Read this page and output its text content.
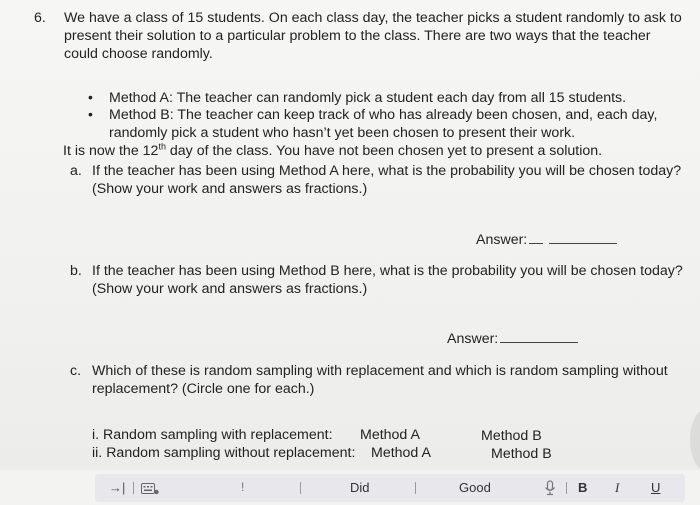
6. We have a class of 15 students. On each class day, the teacher picks a student randomly to ask to
present their solution to a particular problem to the class. There are two ways that the teacher
could choose randomly.
• Method A: The teacher can randomly pick a student each day from all 15 students.
• Method B: The teacher can keep track of who has already been chosen, and, each day,
randomly pick a student who hasn’t yet been chosen to present their work.
It is now the 12th day of the class. You have not been chosen yet to present a solution.
a. If the teacher has been using Method A here, what is the probability you will be chosen today?
(Show your work and answers as fractions.)
Answer:
b. If the teacher has been using Method B here, what is the probability you will be chosen today?
(Show your work and answers as fractions.)
Answer:
c. Which of these is random sampling with replacement and which is random sampling without
replacement? (Circle one for each.)
i. Random sampling with replacement: Method A	Method B
ii. Random sampling without replacement: Method A	Method B
→|	!	Did	Good	B I U
